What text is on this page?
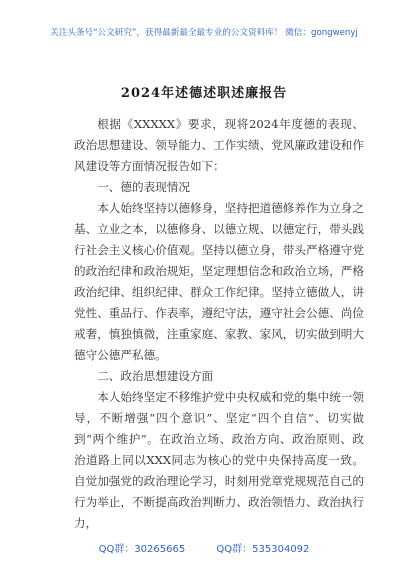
关注头条号“公文研究”，获得最新最全最专业的公文资料库！ 微信：gongwenyj
2024年述德述职述廉报告

根据《XXXXX》要求，现将2024年度德的表现、政治思想建设、领导能力、工作实绩、党风廉政建设和作风建设等方面情况报告如下：

一、德的表现情况

本人始终坚持以德修身，坚持把道德修养作为立身之基、立业之本，以德修身、以德立规、以德定行，带头践行社会主义核心价值观。坚持以德立身，带头严格遵守党的政治纪律和政治规矩，坚定理想信念和政治立场，严格政治纪律、组织纪律、群众工作纪律。坚持立德做人，讲党性、重品行、作表率，遵纪守法，遵守社会公德、尚俭戒奢，慎独慎微，注重家庭、家教、家风，切实做到明大德守公德严私德。

二、政治思想建设方面

本人始终坚定不移维护党中央权威和党的集中统一领导，不断增强“四个意识”、坚定“四个自信”、切实做到“两个维护”。在政治立场、政治方向、政治原则、政治道路上同以XXX同志为核心的党中央保持高度一致。自觉加强党的政治理论学习，时刻用党章党规规范自己的行为举止，不断提高政治判断力、政治领悟力、政治执行力，

QQ群：30265665	QQ群：535304092
